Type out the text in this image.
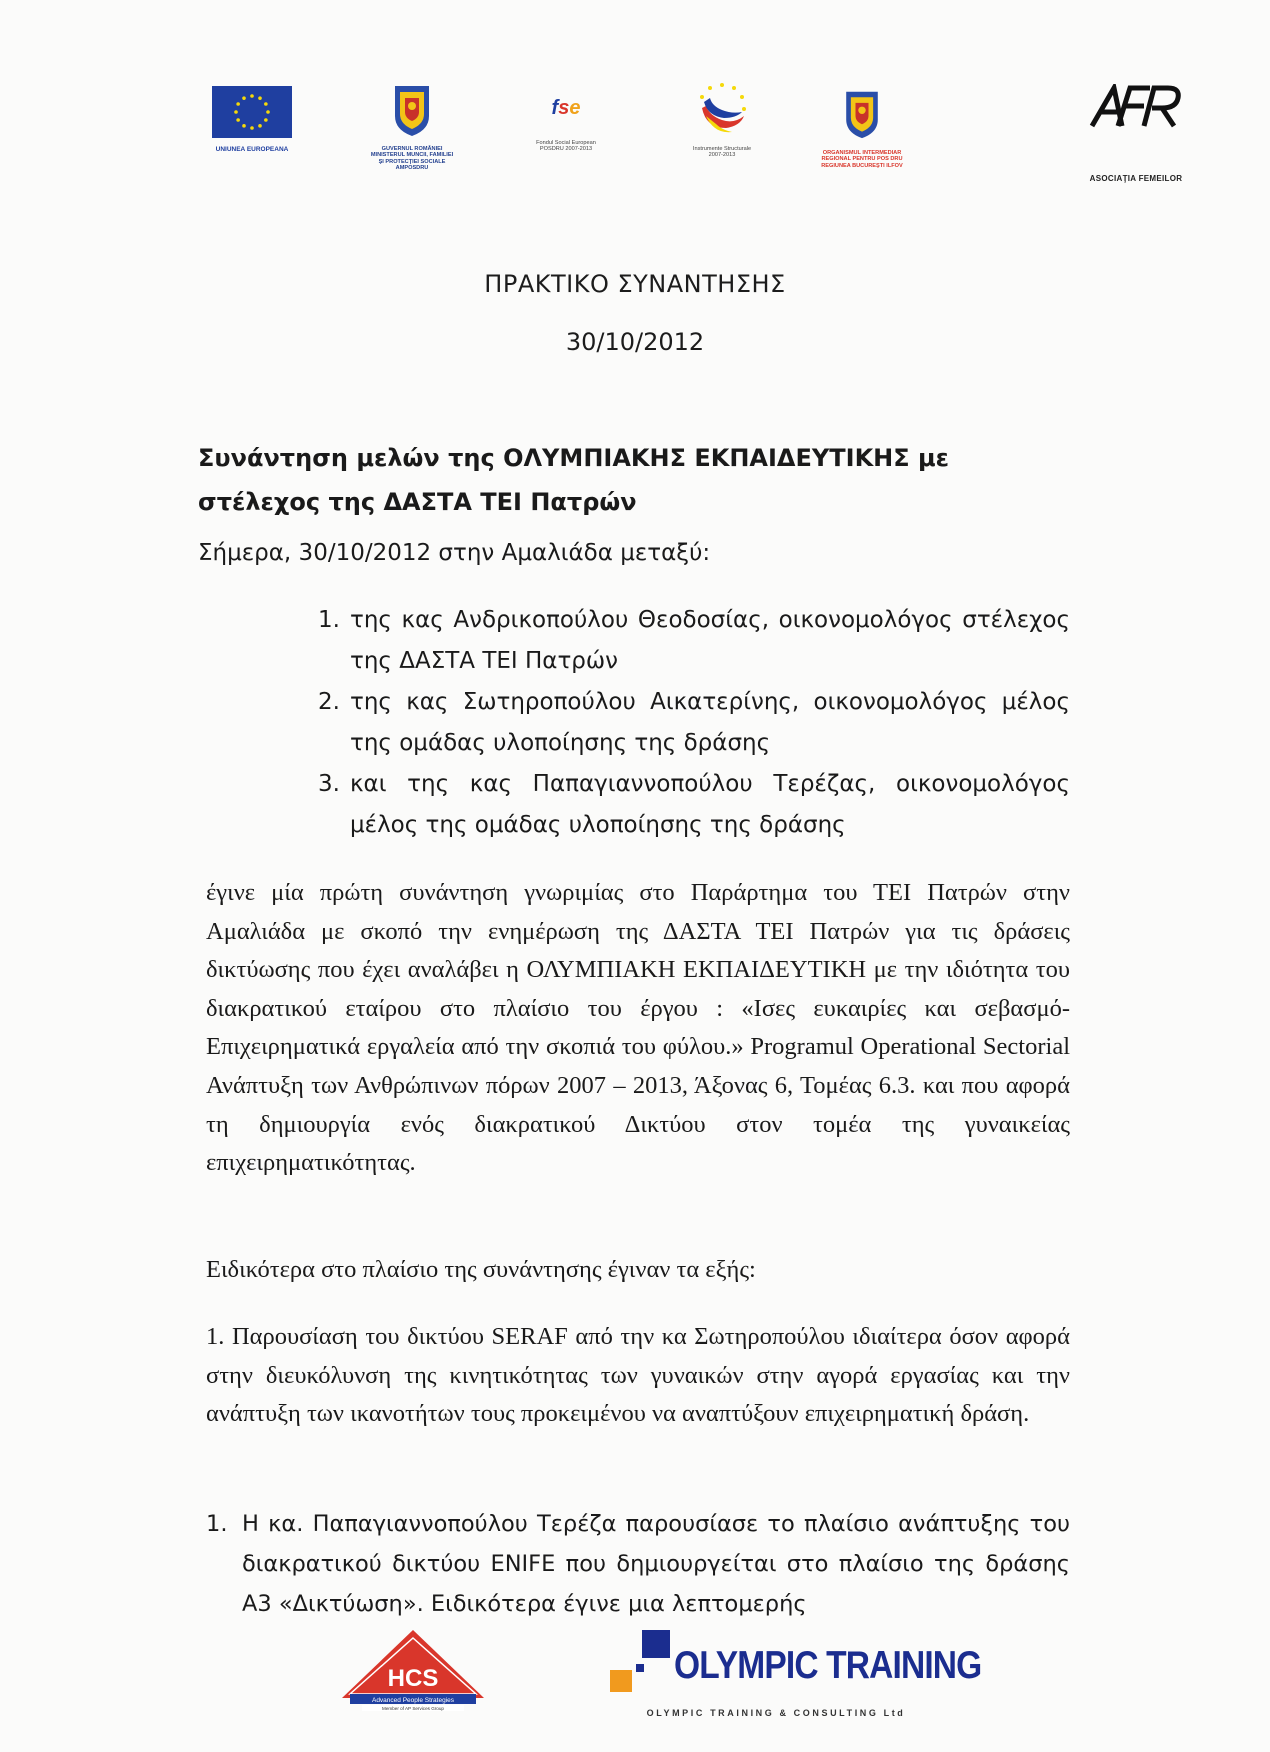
UNIUNEA EUROPEANA	GUVERNUL ROMÂNIEI
MINISTERUL MUNCII, FAMILIEI
ŞI PROTECŢIEI SOCIALE
AMPOSDRU
fse
Fondul Social European
POSDRU 2007-2013	Instrumente Structurale
2007-2013	ORGANISMUL INTERMEDIAR
REGIONAL PENTRU POS DRU
REGIUNEA BUCUREŞTI ILFOV
ASOCIAŢIA FEMEILOR
ΠΡΑΚΤΙΚΟ ΣΥΝΑΝΤΗΣΗΣ
30/10/2012
Συνάντηση μελών της ΟΛΥΜΠΙΑΚΗΣ ΕΚΠΑΙΔΕΥΤΙΚΗΣ με στέλεχος της ΔΑΣΤΑ ΤΕΙ Πατρών
Σήμερα, 30/10/2012 στην Αμαλιάδα μεταξύ:
1. της κας Ανδρικοπούλου Θεοδοσίας, οικονομολόγος στέλεχος της ΔΑΣΤΑ ΤΕΙ Πατρών
2. της κας Σωτηροπούλου Αικατερίνης, οικονομολόγος μέλος της ομάδας υλοποίησης της δράσης
3. και της κας Παπαγιαννοπούλου Τερέζας, οικονομολόγος μέλος της ομάδας υλοποίησης της δράσης
έγινε μία πρώτη συνάντηση γνωριμίας στο Παράρτημα του ΤΕΙ Πατρών στην Αμαλιάδα με σκοπό την ενημέρωση της ΔΑΣΤΑ ΤΕΙ Πατρών για τις δράσεις δικτύωσης που έχει αναλάβει η ΟΛΥΜΠΙΑΚΗ ΕΚΠΑΙΔΕΥΤΙΚΗ με την ιδιότητα του διακρατικού εταίρου στο πλαίσιο του έργου : «Ισες ευκαιρίες και σεβασμό- Επιχειρηματικά εργαλεία από την σκοπιά του φύλου.» Programul Operational Sectorial Ανάπτυξη των Ανθρώπινων πόρων 2007 – 2013, Άξονας 6, Τομέας 6.3. και που αφορά τη δημιουργία ενός διακρατικού Δικτύου στον τομέα της γυναικείας επιχειρηματικότητας.
Ειδικότερα στο πλαίσιο της συνάντησης έγιναν τα εξής:
1. Παρουσίαση του δικτύου SERAF από την κα Σωτηροπούλου ιδιαίτερα όσον αφορά στην διευκόλυνση της κινητικότητας των γυναικών στην αγορά εργασίας και την ανάπτυξη των ικανοτήτων τους προκειμένου να αναπτύξουν επιχειρηματική δράση.
1. Η κα. Παπαγιαννοπούλου Τερέζα παρουσίασε το πλαίσιο ανάπτυξης του διακρατικού δικτύου ENIFE που δημιουργείται στο πλαίσιο της δράσης Α3 «Δικτύωση». Ειδικότερα έγινε μια λεπτομερής
HCS
Advanced People Strategies
Member of AP Services Group
OLYMPIC TRAINING
OLYMPIC TRAINING & CONSULTING Ltd
